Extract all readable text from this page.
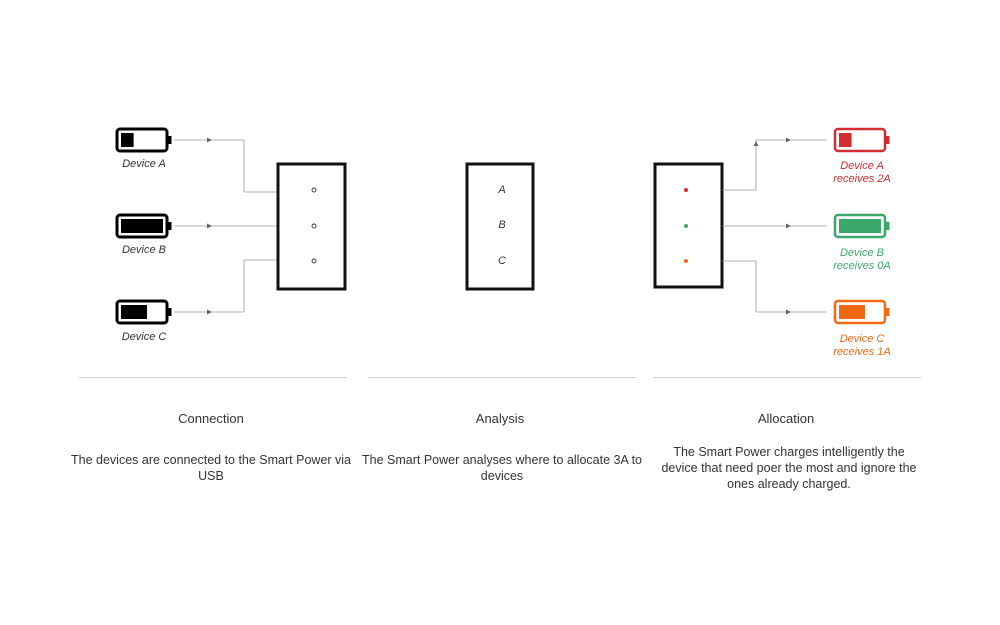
Device A
Device B
Device C
A
B
C
Device A
receives 2A
Device B
receives 0A
Device C
receives 1A
Connection	Analysis	Allocation
The devices are connected to the Smart Power via USB
The Smart Power analyses where to allocate 3A to devices
The Smart Power charges intelligently the device that need poer the most and ignore the ones already charged.
